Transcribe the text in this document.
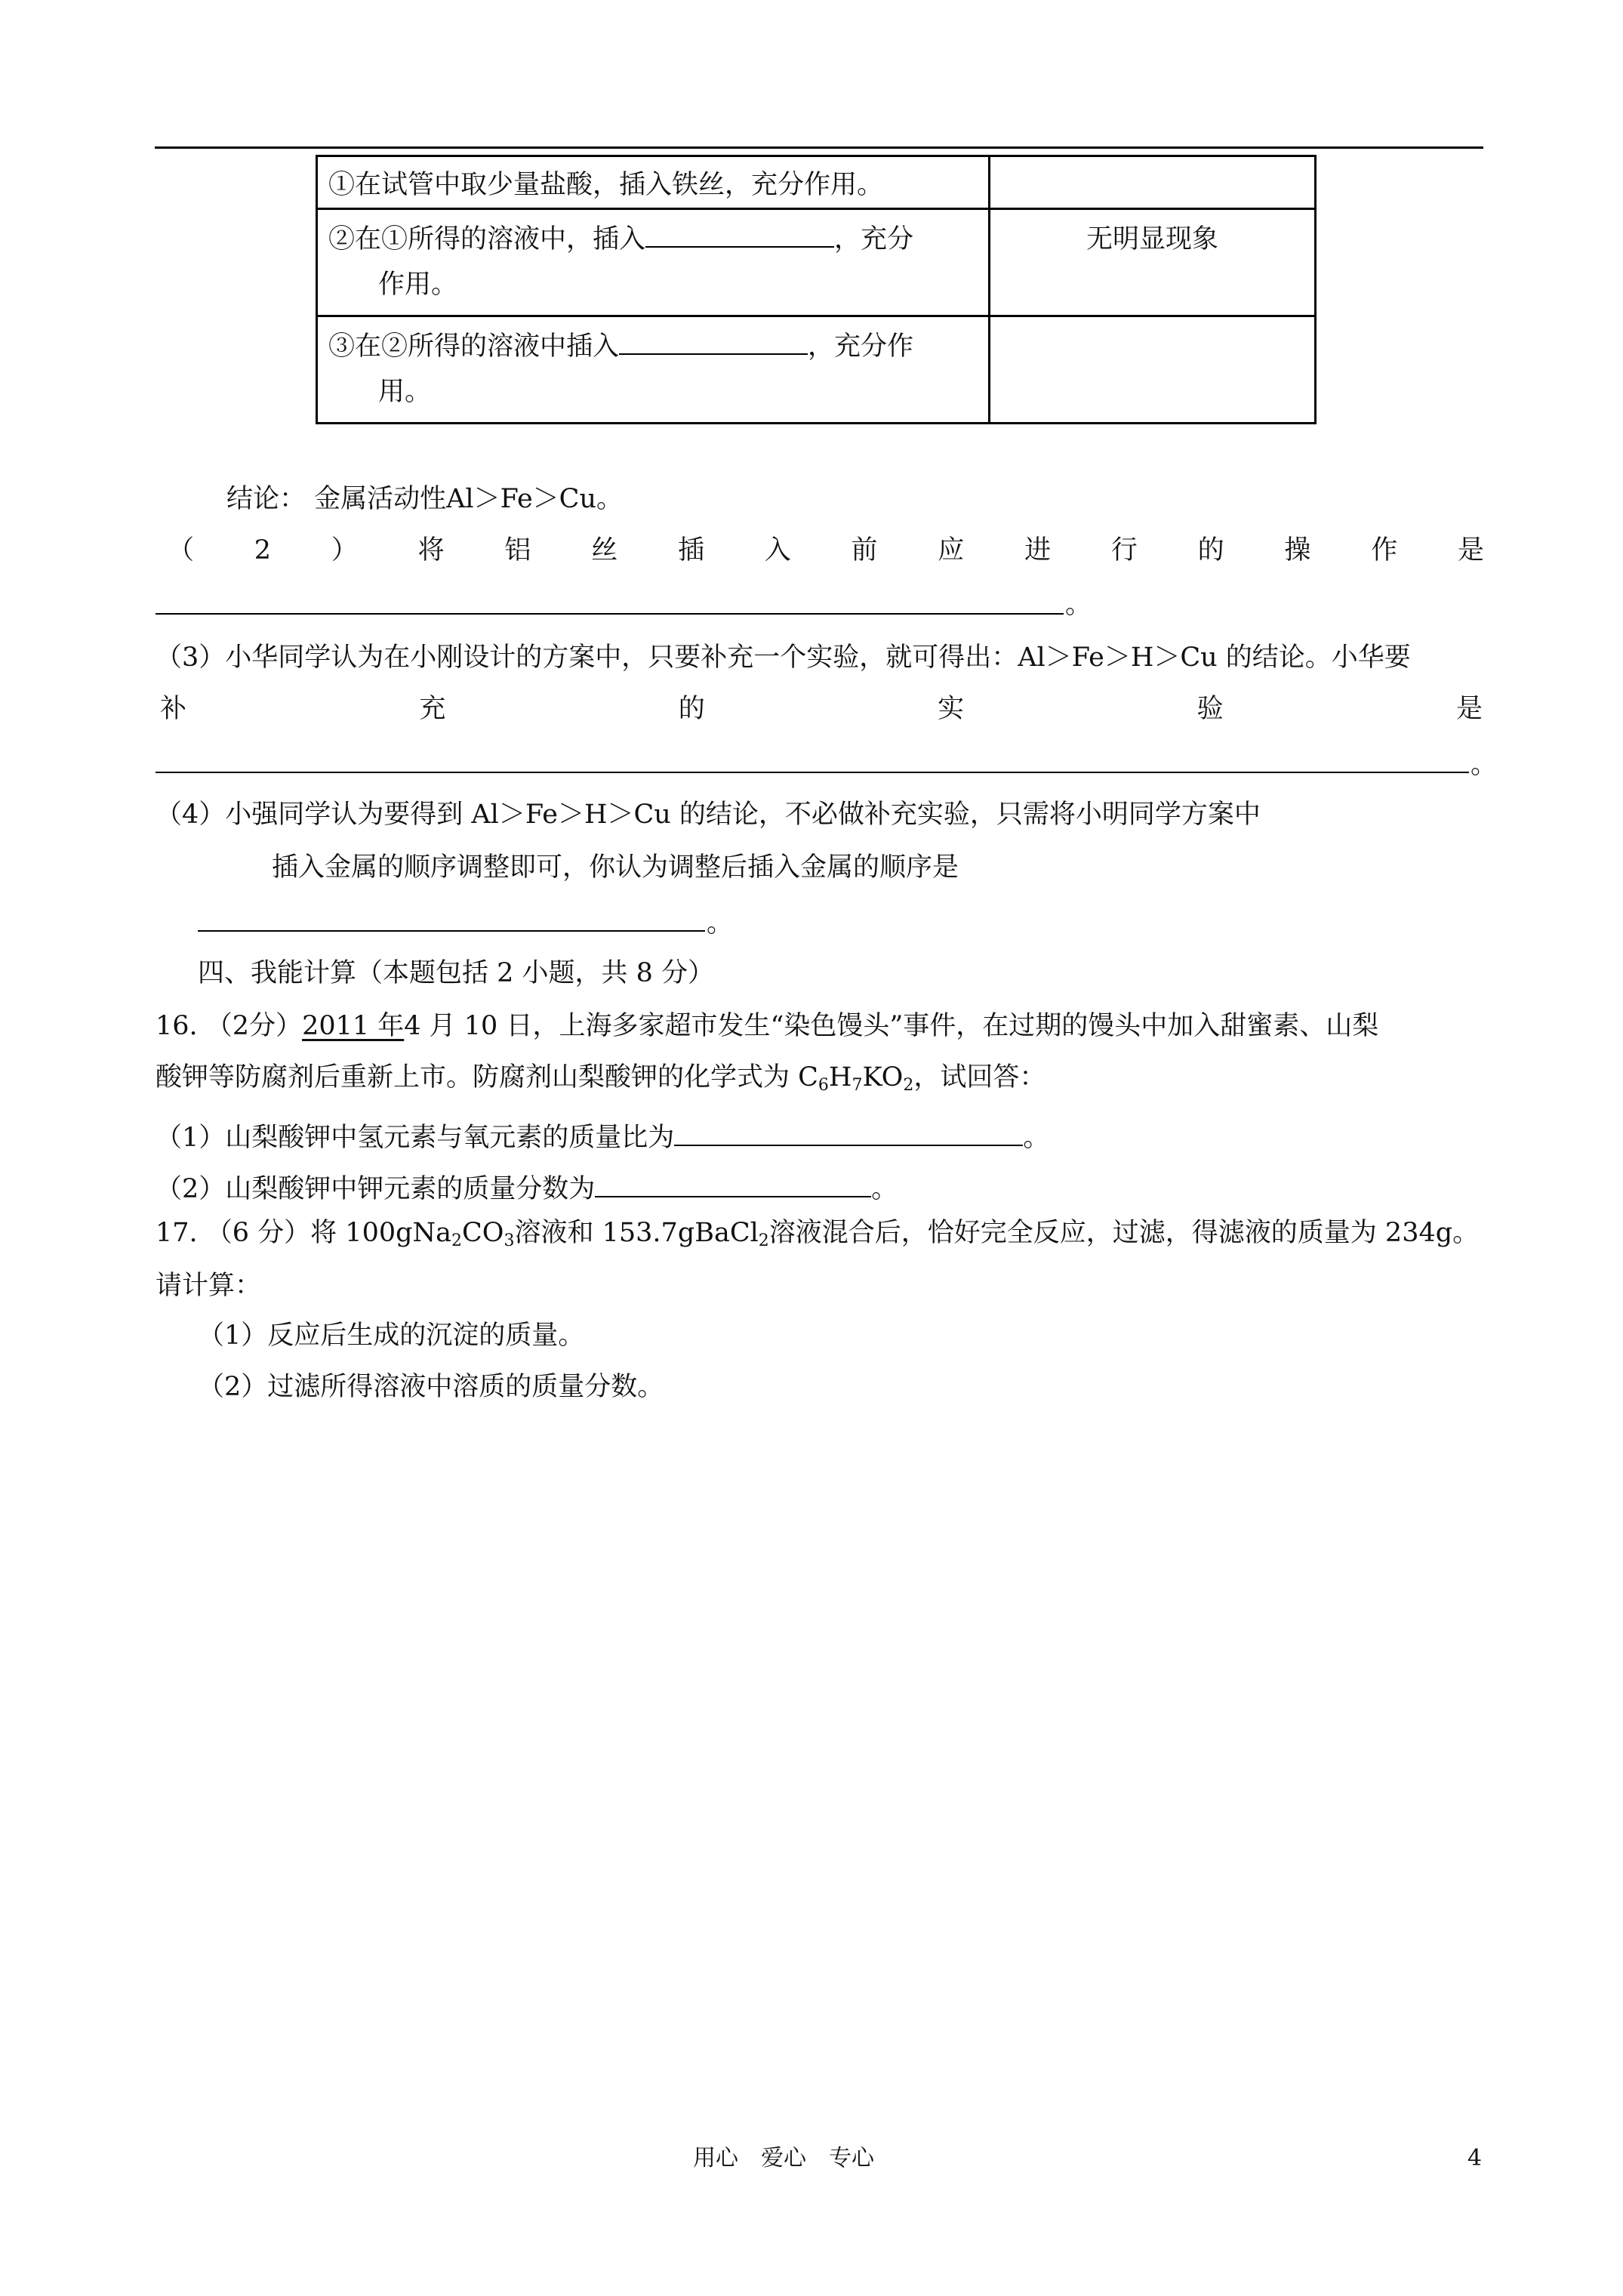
①在试管中取少量盐酸，插入铁丝，充分作用。	

②在①所得的溶液中，插入 ，充分
作用。	无明显现象

③在②所得的溶液中插入 ，充分作
用。	

结论： 金属活动性Al＞Fe＞Cu。
（ 2 ） 将 铝 丝 插 入 前 应 进 行 的 操 作 是
。
（3）小华同学认为在小刚设计的方案中，只要补充一个实验，就可得出：Al＞Fe＞H＞Cu 的结论。小华要
补	充	的	实	验	是
。
（4）小强同学认为要得到 Al＞Fe＞H＞Cu 的结论，不必做补充实验，只需将小明同学方案中
插入金属的顺序调整即可，你认为调整后插入金属的顺序是
。
四、我能计算（本题包括 2 小题，共 8 分）
16. （2分）2011 年4 月 10 日，上海多家超市发生“染色馒头”事件，在过期的馒头中加入甜蜜素、山梨
酸钾等防腐剂后重新上市。防腐剂山梨酸钾的化学式为 $C_6H_7KO_2$，试回答：
（1）山梨酸钾中氢元素与氧元素的质量比为	。
（2）山梨酸钾中钾元素的质量分数为	。
17. （6 分）将 $100gNa_2CO_3$溶液和 153.7gBaCl$_2$溶液混合后，恰好完全反应，过滤，得滤液的质量为 234g。
请计算：
（1）反应后生成的沉淀的质量。
（2）过滤所得溶液中溶质的质量分数。
用心　爱心　专心	4
